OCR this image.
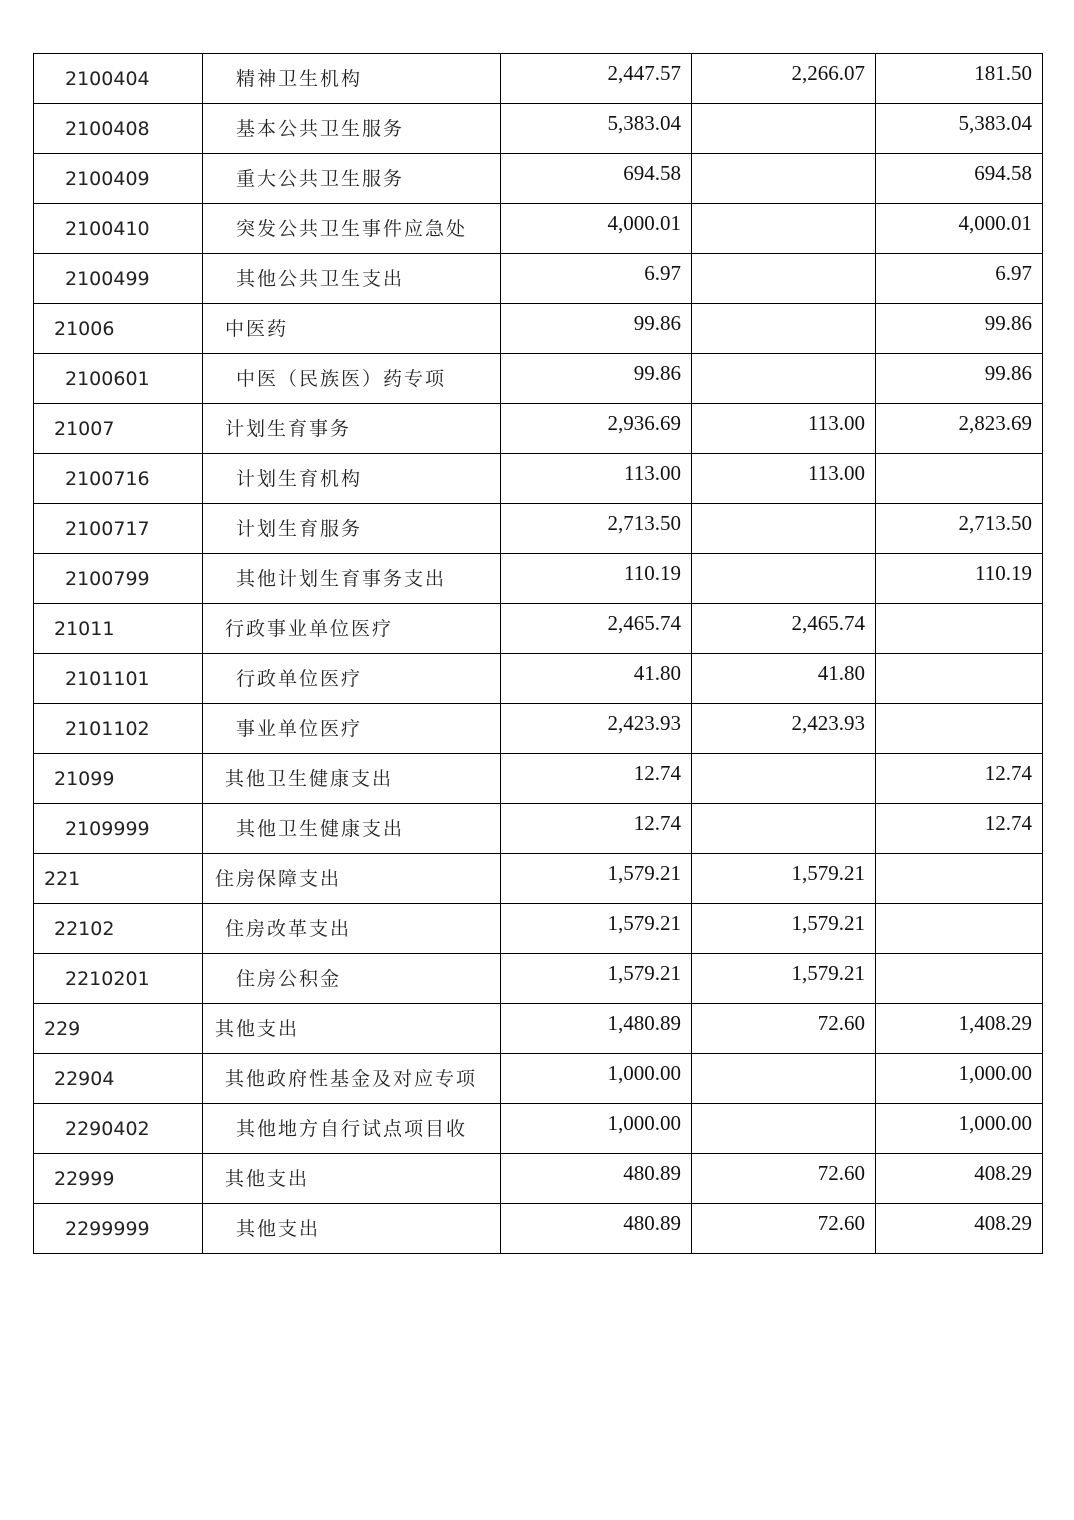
2100404	精神卫生机构	2,447.57	2,266.07	181.50
2100408	基本公共卫生服务	5,383.04		5,383.04
2100409	重大公共卫生服务	694.58		694.58
2100410	突发公共卫生事件应急处	4,000.01		4,000.01
2100499	其他公共卫生支出	6.97		6.97
21006	中医药	99.86		99.86
2100601	中医（民族医）药专项	99.86		99.86
21007	计划生育事务	2,936.69	113.00	2,823.69
2100716	计划生育机构	113.00	113.00	
2100717	计划生育服务	2,713.50		2,713.50
2100799	其他计划生育事务支出	110.19		110.19
21011	行政事业单位医疗	2,465.74	2,465.74	
2101101	行政单位医疗	41.80	41.80	
2101102	事业单位医疗	2,423.93	2,423.93	
21099	其他卫生健康支出	12.74		12.74
2109999	其他卫生健康支出	12.74		12.74
221	住房保障支出	1,579.21	1,579.21	
22102	住房改革支出	1,579.21	1,579.21	
2210201	住房公积金	1,579.21	1,579.21	
229	其他支出	1,480.89	72.60	1,408.29
22904	其他政府性基金及对应专项	1,000.00		1,000.00
2290402	其他地方自行试点项目收	1,000.00		1,000.00
22999	其他支出	480.89	72.60	408.29
2299999	其他支出	480.89	72.60	408.29
